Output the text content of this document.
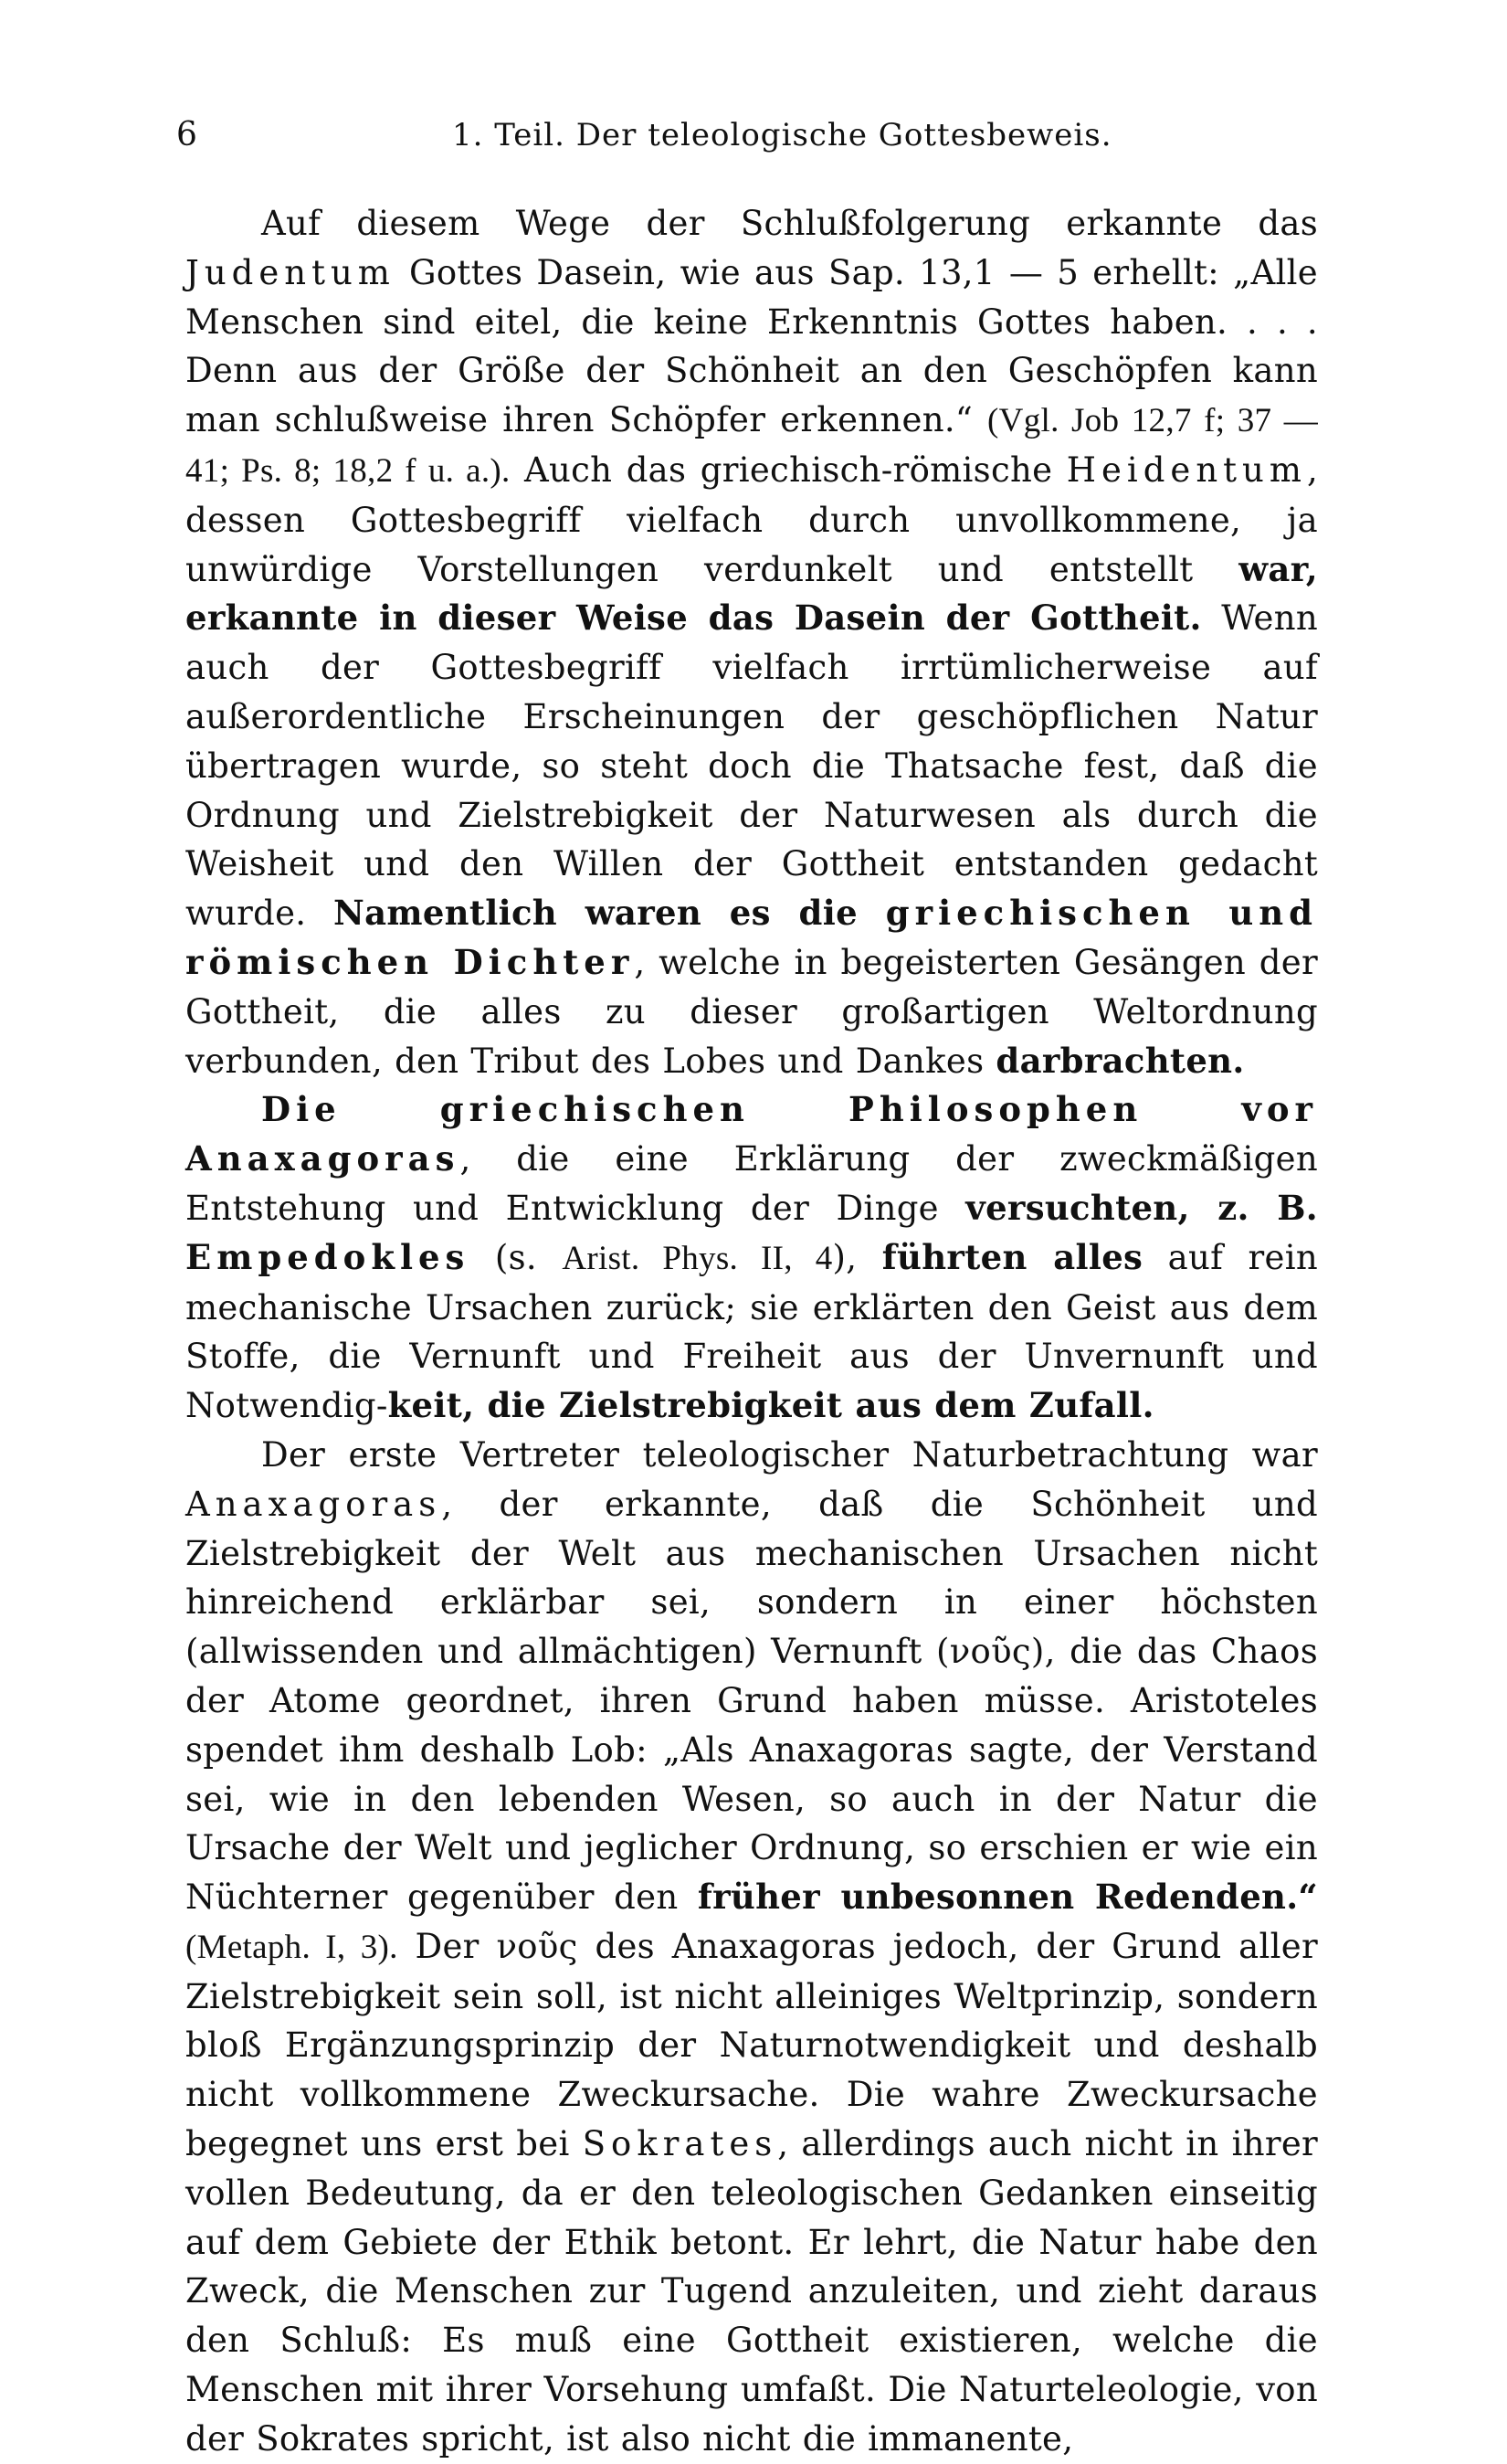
6	1. Teil. Der teleologische Gottesbeweis.

Auf diesem Wege der Schlußfolgerung erkannte das Judentum Gottes Dasein, wie aus Sap. 13,1 — 5 erhellt: „Alle Menschen sind eitel, die keine Erkenntnis Gottes haben. . . . Denn aus der Größe der Schönheit an den Geschöpfen kann man schlußweise ihren Schöpfer erkennen.“ (Vgl. Job 12,7 f; 37 — 41; Ps. 8; 18,2 f u. a.). Auch das griechisch-römische Heidentum, dessen Gottesbegriff vielfach durch unvollkommene, ja unwürdige Vorstellungen verdunkelt und entstellt war, erkannte in dieser Weise das Dasein der Gottheit. Wenn auch der Gottesbegriff vielfach irrtümlicherweise auf außerordentliche Erscheinungen der geschöpflichen Natur übertragen wurde, so steht doch die Thatsache fest, daß die Ordnung und Zielstrebigkeit der Naturwesen als durch die Weisheit und den Willen der Gottheit entstanden gedacht wurde. Namentlich waren es die griechischen und römischen Dichter, welche in begeisterten Gesängen der Gottheit, die alles zu dieser großartigen Weltordnung verbunden, den Tribut des Lobes und Dankes darbrachten.

Die griechischen Philosophen vor Anaxagoras, die eine Erklärung der zweckmäßigen Entstehung und Entwicklung der Dinge versuchten, z. B. Empedokles (s. Arist. Phys. II, 4), führten alles auf rein mechanische Ursachen zurück; sie erklärten den Geist aus dem Stoffe, die Vernunft und Freiheit aus der Unvernunft und Notwendig-keit, die Zielstrebigkeit aus dem Zufall.

Der erste Vertreter teleologischer Naturbetrachtung war Anaxagoras, der erkannte, daß die Schönheit und Zielstrebigkeit der Welt aus mechanischen Ursachen nicht hinreichend erklärbar sei, sondern in einer höchsten (allwissenden und allmächtigen) Vernunft (νοῦς), die das Chaos der Atome geordnet, ihren Grund haben müsse. Aristoteles spendet ihm deshalb Lob: „Als Anaxagoras sagte, der Verstand sei, wie in den lebenden Wesen, so auch in der Natur die Ursache der Welt und jeglicher Ordnung, so erschien er wie ein Nüchterner gegenüber den früher unbesonnen Redenden.“ (Metaph. I, 3). Der νοῦς des Anaxagoras jedoch, der Grund aller Zielstrebigkeit sein soll, ist nicht alleiniges Weltprinzip, sondern bloß Ergänzungsprinzip der Naturnotwendigkeit und deshalb nicht vollkommene Zweckursache. Die wahre Zweckursache begegnet uns erst bei Sokrates, allerdings auch nicht in ihrer vollen Bedeutung, da er den teleologischen Gedanken einseitig auf dem Gebiete der Ethik betont. Er lehrt, die Natur habe den Zweck, die Menschen zur Tugend anzuleiten, und zieht daraus den Schluß: Es muß eine Gottheit existieren, welche die Menschen mit ihrer Vorsehung umfaßt. Die Naturteleologie, von der Sokrates spricht, ist also nicht die immanente,
